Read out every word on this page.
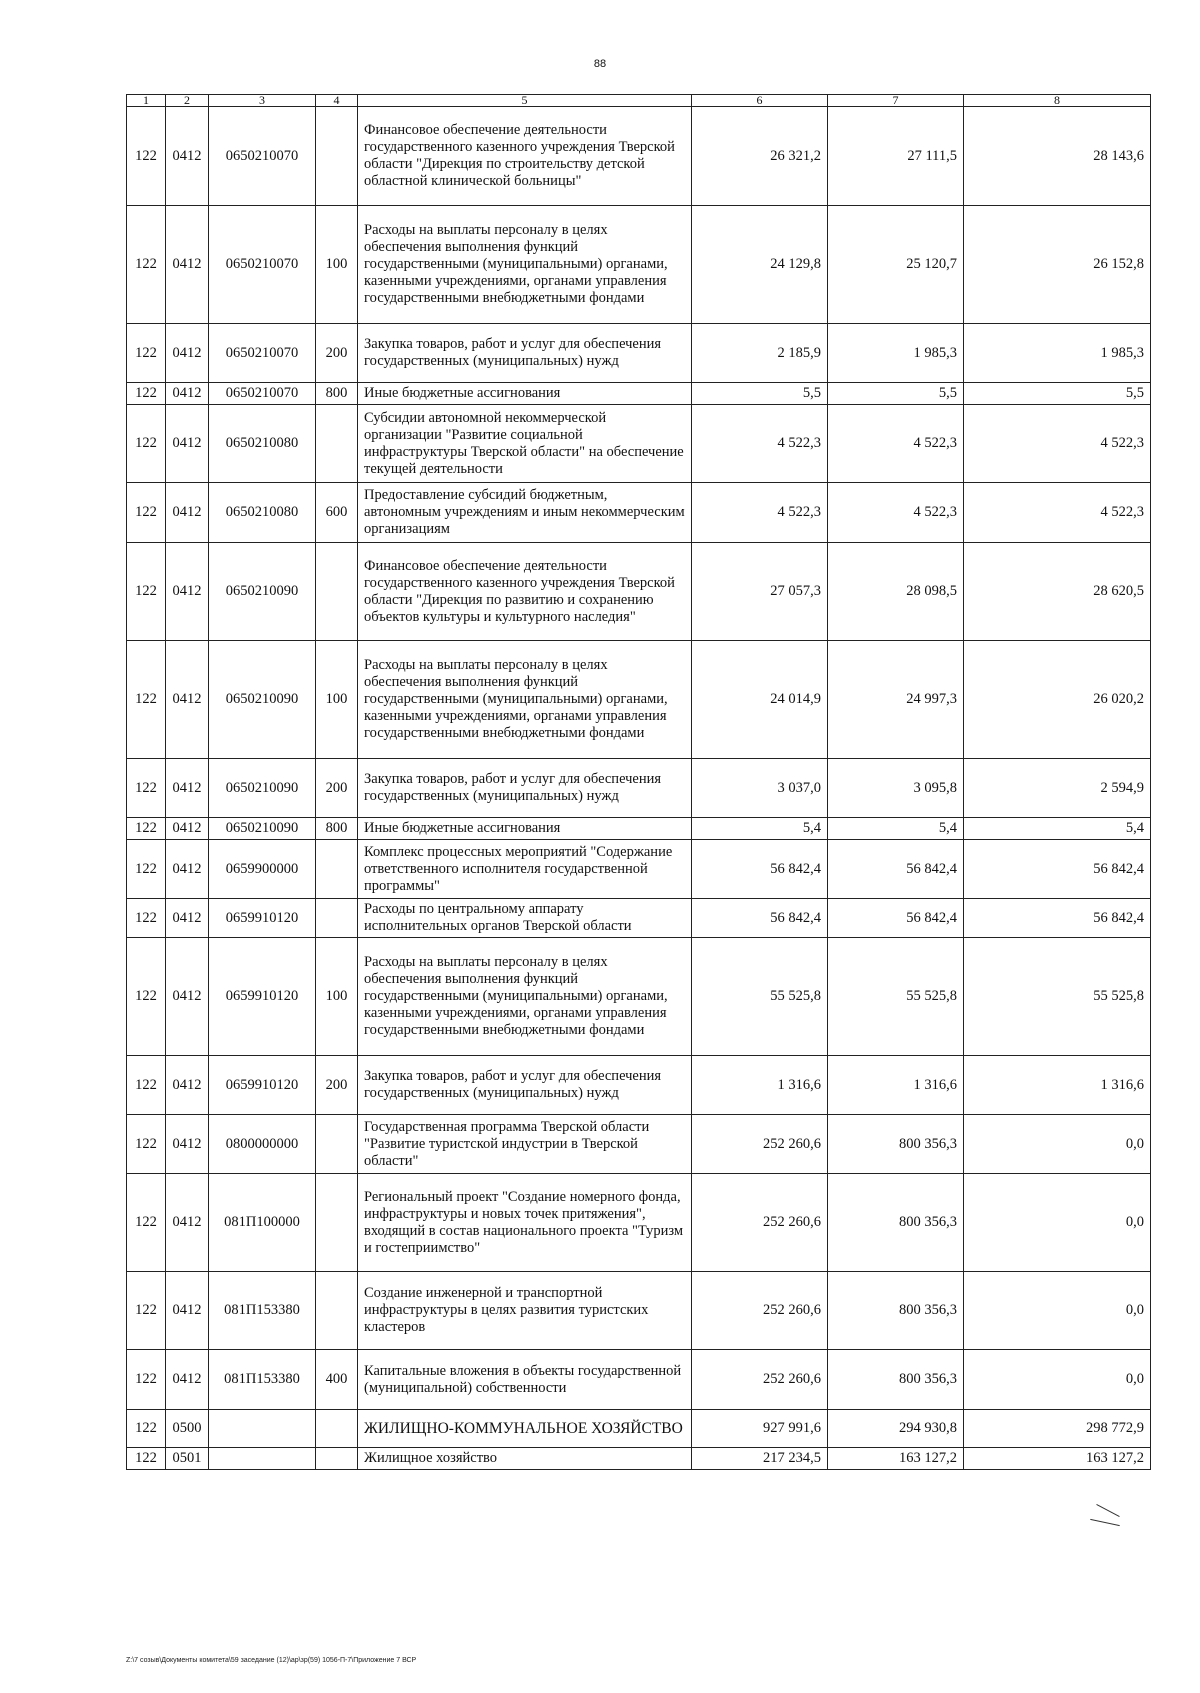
88
1	2	3	4	5	6	7	8
122	0412	0650210070		Финансовое обеспечение деятельности государственного казенного учреждения Тверской области "Дирекция по строительству детской областной клинической больницы"	26 321,2	27 111,5	28 143,6
122	0412	0650210070	100	Расходы на выплаты персоналу в целях обеспечения выполнения функций государственными (муниципальными) органами, казенными учреждениями, органами управления государственными внебюджетными фондами	24 129,8	25 120,7	26 152,8
122	0412	0650210070	200	Закупка товаров, работ и услуг для обеспечения государственных (муниципальных) нужд	2 185,9	1 985,3	1 985,3
122	0412	0650210070	800	Иные бюджетные ассигнования	5,5	5,5	5,5
122	0412	0650210080		Субсидии автономной некоммерческой организации "Развитие социальной инфраструктуры Тверской области" на обеспечение текущей деятельности	4 522,3	4 522,3	4 522,3
122	0412	0650210080	600	Предоставление субсидий бюджетным, автономным учреждениям и иным некоммерческим организациям	4 522,3	4 522,3	4 522,3
122	0412	0650210090		Финансовое обеспечение деятельности государственного казенного учреждения Тверской области "Дирекция по развитию и сохранению объектов культуры и культурного наследия"	27 057,3	28 098,5	28 620,5
122	0412	0650210090	100	Расходы на выплаты персоналу в целях обеспечения выполнения функций государственными (муниципальными) органами, казенными учреждениями, органами управления государственными внебюджетными фондами	24 014,9	24 997,3	26 020,2
122	0412	0650210090	200	Закупка товаров, работ и услуг для обеспечения государственных (муниципальных) нужд	3 037,0	3 095,8	2 594,9
122	0412	0650210090	800	Иные бюджетные ассигнования	5,4	5,4	5,4
122	0412	0659900000		Комплекс процессных мероприятий "Содержание ответственного исполнителя государственной программы"	56 842,4	56 842,4	56 842,4
122	0412	0659910120		Расходы по центральному аппарату исполнительных органов Тверской области	56 842,4	56 842,4	56 842,4
122	0412	0659910120	100	Расходы на выплаты персоналу в целях обеспечения выполнения функций государственными (муниципальными) органами, казенными учреждениями, органами управления государственными внебюджетными фондами	55 525,8	55 525,8	55 525,8
122	0412	0659910120	200	Закупка товаров, работ и услуг для обеспечения государственных (муниципальных) нужд	1 316,6	1 316,6	1 316,6
122	0412	0800000000		Государственная программа Тверской области "Развитие туристской индустрии в Тверской области"	252 260,6	800 356,3	0,0
122	0412	081П100000		Региональный проект "Создание номерного фонда, инфраструктуры и новых точек притяжения", входящий в состав национального проекта "Туризм и гостеприимство"	252 260,6	800 356,3	0,0
122	0412	081П153380		Создание инженерной и транспортной инфраструктуры в целях развития туристских кластеров	252 260,6	800 356,3	0,0
122	0412	081П153380	400	Капитальные вложения в объекты государственной (муниципальной) собственности	252 260,6	800 356,3	0,0
122	0500			ЖИЛИЩНО-КОММУНАЛЬНОЕ ХОЗЯЙСТВО	927 991,6	294 930,8	298 772,9
122	0501			Жилищное хозяйство	217 234,5	163 127,2	163 127,2
Z:\7 созыв\Документы комитета\59 заседание (12)\ар\зр(59) 1056-П-7\Приложение 7 ВСР
